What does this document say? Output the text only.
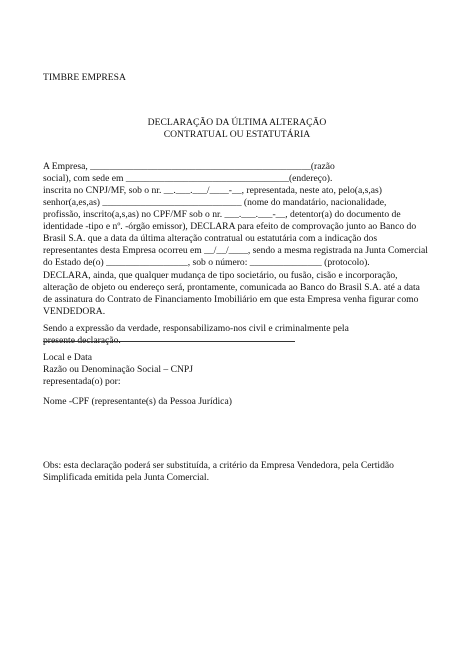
TIMBRE EMPRESA
DECLARAÇÃO DA ÚLTIMA ALTERAÇÃO
CONTRATUAL OU ESTATUTÁRIA
A Empresa, ______________________________________________(razão
social), com sede em __________________________________(endereço).
inscrita no CNPJ/MF, sob o nr. __.___.___/____-__, representada, neste ato, pelo(a,s,as)
senhor(a,es,as) _____________________________ (nome do mandatário, nacionalidade,
profissão, inscrito(a,s,as) no CPF/MF sob o nr. ___.___.___-__, detentor(a) do documento de
identidade -tipo e nº. -órgão emissor), DECLARA para efeito de comprovação junto ao Banco do
Brasil S.A. que a data da última alteração contratual ou estatutária com a indicação dos
representantes desta Empresa ocorreu em __/__/____, sendo a mesma registrada na Junta Comercial
do Estado de(o) _________________, sob o número: _______________ (protocolo).
DECLARA, ainda, que qualquer mudança de tipo societário, ou fusão, cisão e incorporação,
alteração de objeto ou endereço será, prontamente, comunicada ao Banco do Brasil S.A. até a data
de assinatura do Contrato de Financiamento Imobiliário em que esta Empresa venha figurar como
VENDEDORA.
Sendo a expressão da verdade, responsabilizamo-nos civil e criminalmente pela
presente declaração.
Local e Data
Razão ou Denominação Social – CNPJ
representada(o) por:
Nome -CPF (representante(s) da Pessoa Jurídica)
Obs: esta declaração poderá ser substituída, a critério da Empresa Vendedora, pela Certidão
Simplificada emitida pela Junta Comercial.
